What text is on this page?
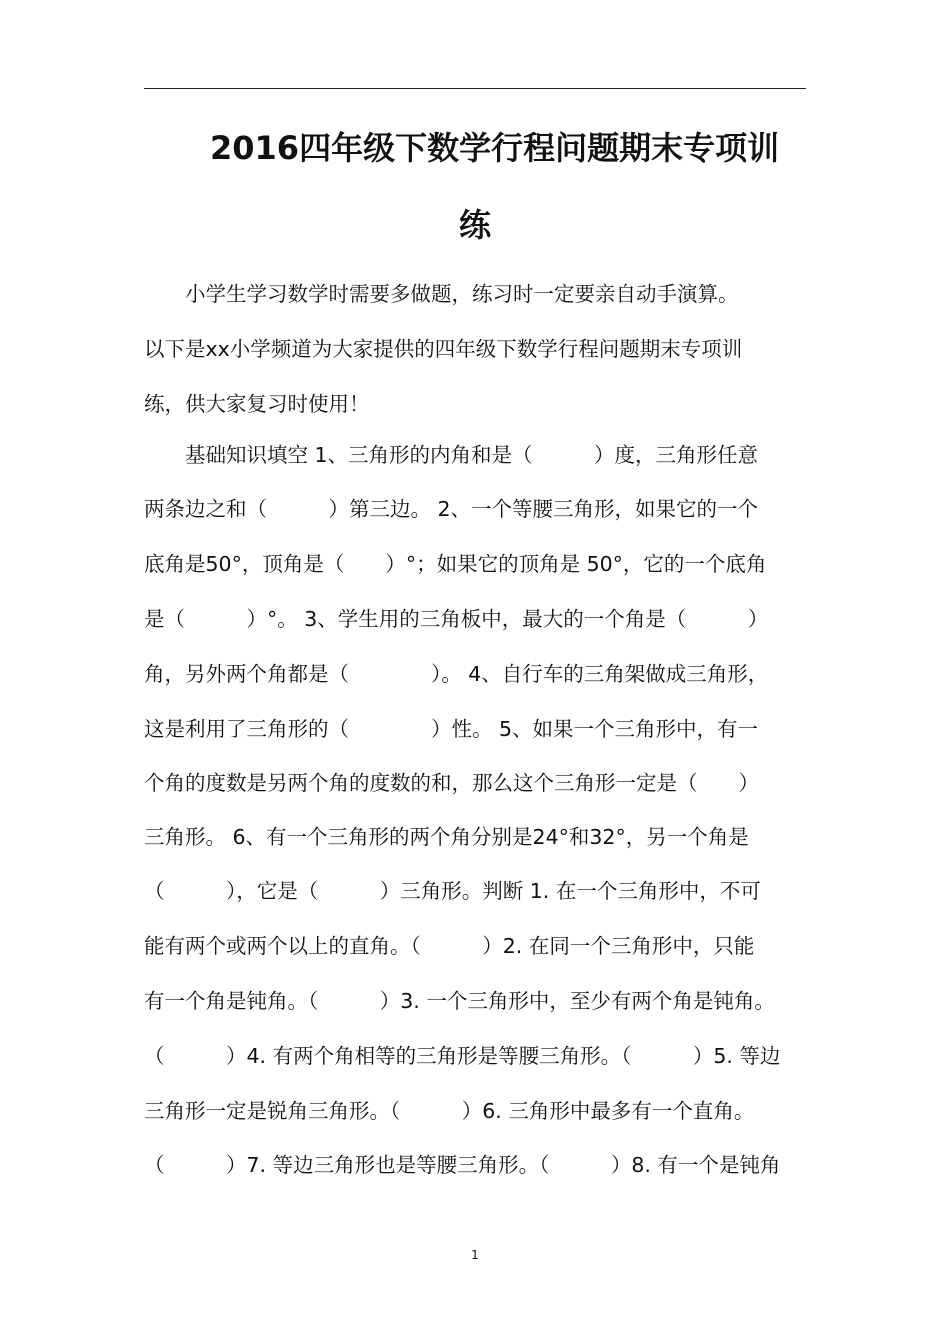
2016四年级下数学行程问题期末专项训
练

　　小学生学习数学时需要多做题，练习时一定要亲自动手演算。

以下是xx小学频道为大家提供的四年级下数学行程问题期末专项训

练，供大家复习时使用！

　　基础知识填空 1、三角形的内角和是（　　　）度，三角形任意

两条边之和（　　　）第三边。 2、一个等腰三角形，如果它的一个

底角是50°，顶角是（　　）°；如果它的顶角是 50°，它的一个底角

是（　　　）°。 3、学生用的三角板中，最大的一个角是（　　　）

角，另外两个角都是（　　　　）。 4、自行车的三角架做成三角形，

这是利用了三角形的（　　　　）性。 5、如果一个三角形中，有一

个角的度数是另两个角的度数的和，那么这个三角形一定是（　　）

三角形。 6、有一个三角形的两个角分别是24°和32°，另一个角是

（　　　），它是（　　　）三角形。判断 1. 在一个三角形中，不可

能有两个或两个以上的直角。（　　　）2. 在同一个三角形中，只能

有一个角是钝角。（　　　）3. 一个三角形中，至少有两个角是钝角。

（　　　）4. 有两个角相等的三角形是等腰三角形。（　　　）5. 等边

三角形一定是锐角三角形。（　　　）6. 三角形中最多有一个直角。

（　　　）7. 等边三角形也是等腰三角形。（　　　）8. 有一个是钝角

1
